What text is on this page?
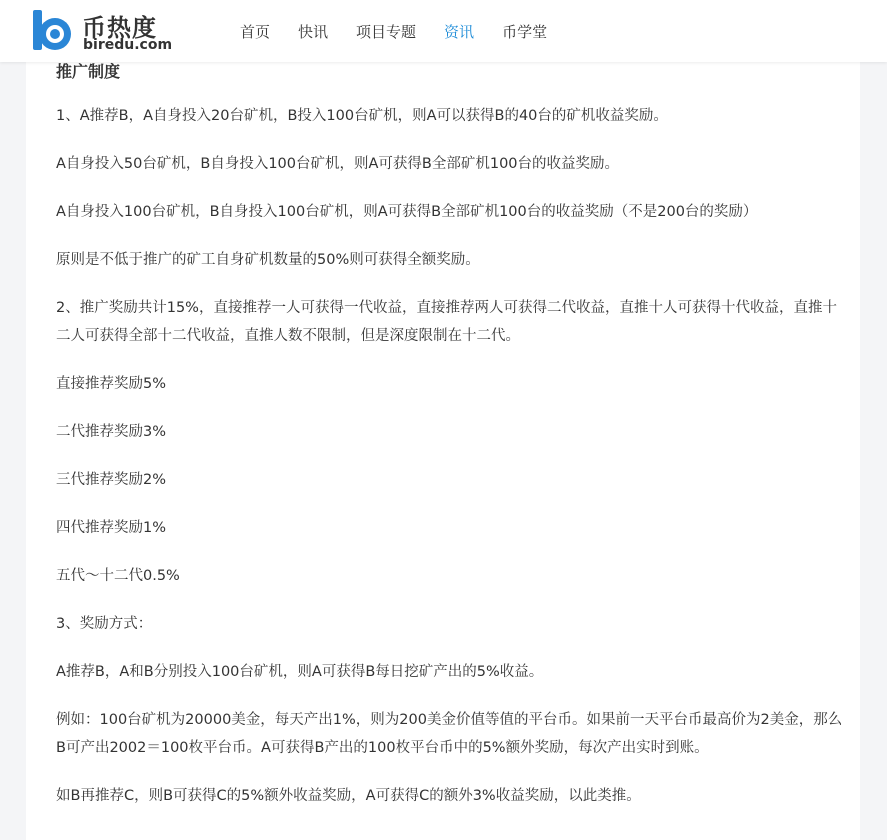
币热度
biredu.com
首页	快讯	项目专题	资讯	币学堂
推广制度

1、A推荐B，A自身投入20台矿机，B投入100台矿机，则A可以获得B的40台的矿机收益奖励。

A自身投入50台矿机，B自身投入100台矿机，则A可获得B全部矿机100台的收益奖励。

A自身投入100台矿机，B自身投入100台矿机，则A可获得B全部矿机100台的收益奖励（不是200台的奖励）

原则是不低于推广的矿工自身矿机数量的50%则可获得全额奖励。

2、推广奖励共计15%，直接推荐一人可获得一代收益，直接推荐两人可获得二代收益，直推十人可获得十代收益，直推十二人可获得全部十二代收益，直推人数不限制，但是深度限制在十二代。

直接推荐奖励5%

二代推荐奖励3%

三代推荐奖励2%

四代推荐奖励1%

五代～十二代0.5%

3、奖励方式：

A推荐B，A和B分别投入100台矿机，则A可获得B每日挖矿产出的5%收益。

例如：100台矿机为20000美金，每天产出1%，则为200美金价值等值的平台币。如果前一天平台币最高价为2美金，那么B可产出2002＝100枚平台币。A可获得B产出的100枚平台币中的5%额外奖励，每次产出实时到账。

如B再推荐C，则B可获得C的5%额外收益奖励，A可获得C的额外3%收益奖励，以此类推。
